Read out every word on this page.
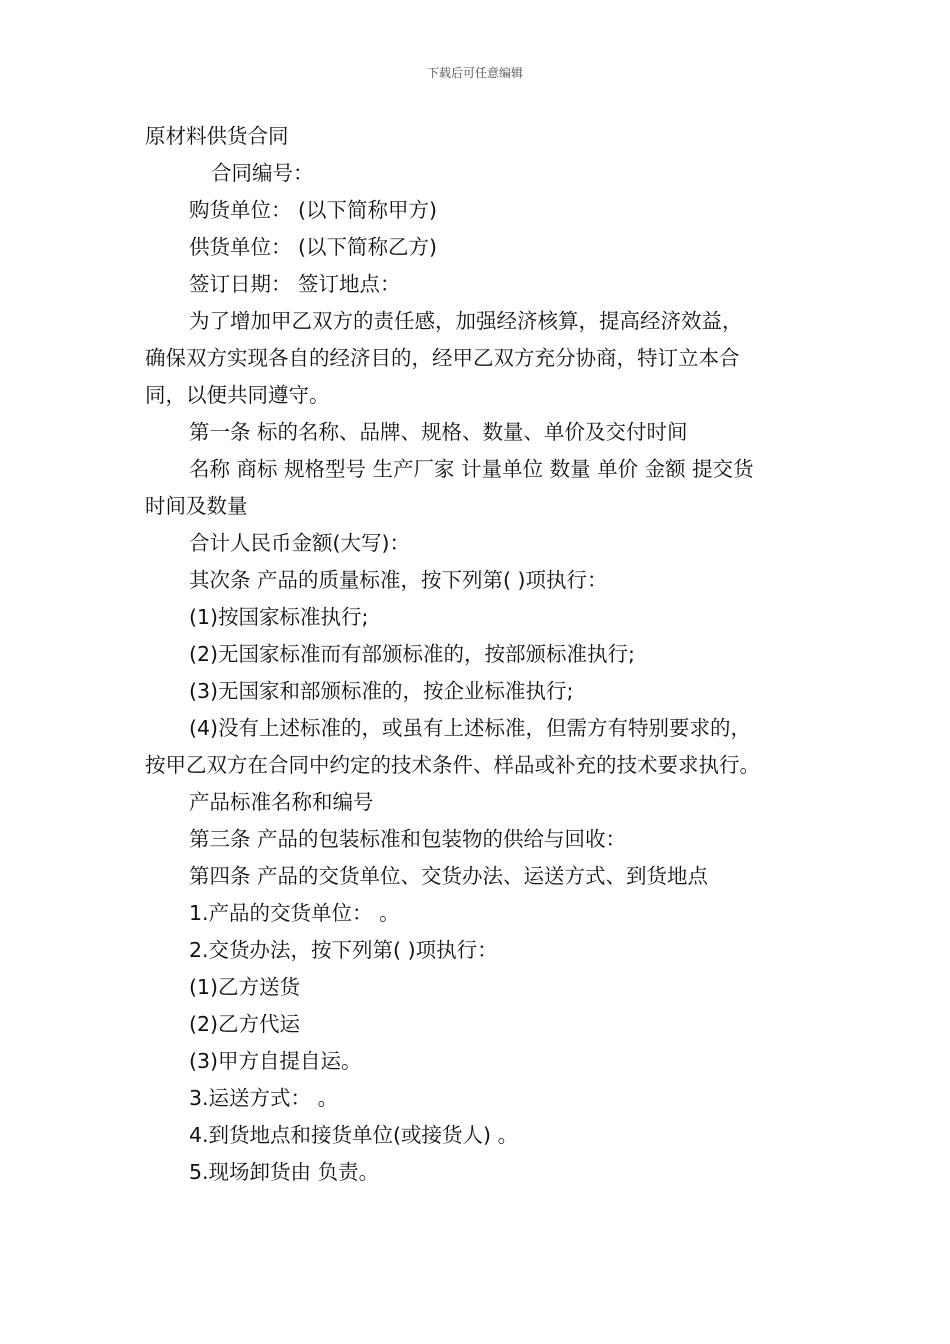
下载后可任意编辑
原材料供货合同
合同编号：
购货单位： (以下简称甲方)
供货单位： (以下简称乙方)
签订日期： 签订地点：
为了增加甲乙双方的责任感，加强经济核算，提高经济效益，
确保双方实现各自的经济目的，经甲乙双方充分协商，特订立本合
同，以便共同遵守。
第一条 标的名称、品牌、规格、数量、单价及交付时间
名称 商标 规格型号 生产厂家 计量单位 数量 单价 金额 提交货
时间及数量
合计人民币金额(大写)：
其次条 产品的质量标准，按下列第( )项执行：
(1)按国家标准执行;
(2)无国家标准而有部颁标准的，按部颁标准执行;
(3)无国家和部颁标准的，按企业标准执行;
(4)没有上述标准的，或虽有上述标准，但需方有特别要求的，
按甲乙双方在合同中约定的技术条件、样品或补充的技术要求执行。
产品标准名称和编号
第三条 产品的包装标准和包装物的供给与回收：
第四条 产品的交货单位、交货办法、运送方式、到货地点
1.产品的交货单位： 。
2.交货办法，按下列第( )项执行：
(1)乙方送货
(2)乙方代运
(3)甲方自提自运。
3.运送方式： 。
4.到货地点和接货单位(或接货人) 。
5.现场卸货由 负责。
